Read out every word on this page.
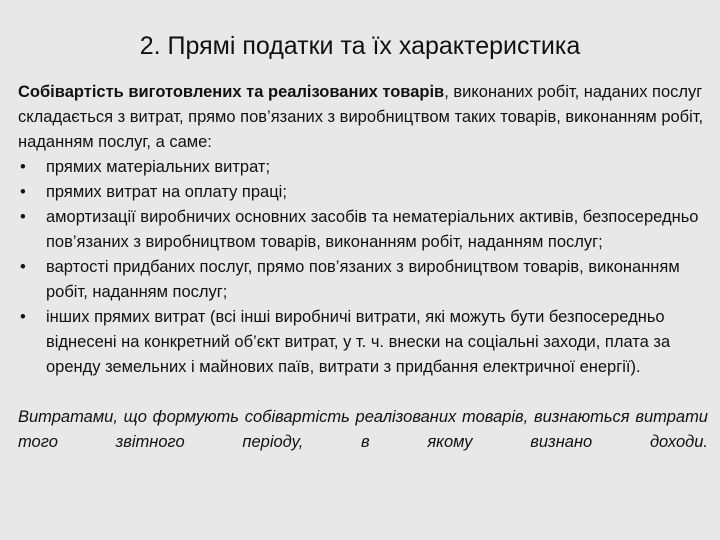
2. Прямі податки та їх характеристика

Собівартість виготовлених та реалізованих товарів, виконаних робіт, наданих послуг складається з витрат, прямо пов’язаних з виробництвом таких товарів, виконанням робіт, наданням послуг, а саме:

• прямих матеріальних витрат;
• прямих витрат на оплату праці;
• амортизації виробничих основних засобів та нематеріальних активів, безпосередньо пов’язаних з виробництвом товарів, виконанням робіт, наданням послуг;
• вартості придбаних послуг, прямо пов’язаних з виробництвом товарів, виконанням робіт, наданням послуг;
• інших прямих витрат (всі інші виробничі витрати, які можуть бути безпосередньо віднесені на конкретний об’єкт витрат, у т. ч. внески на соціальні заходи, плата за оренду земельних і майнових паїв, витрати з придбання електричної енергії).

Витратами, що формують собівартість реалізованих товарів, визнаються витрати того звітного періоду, в якому визнано доходи.
